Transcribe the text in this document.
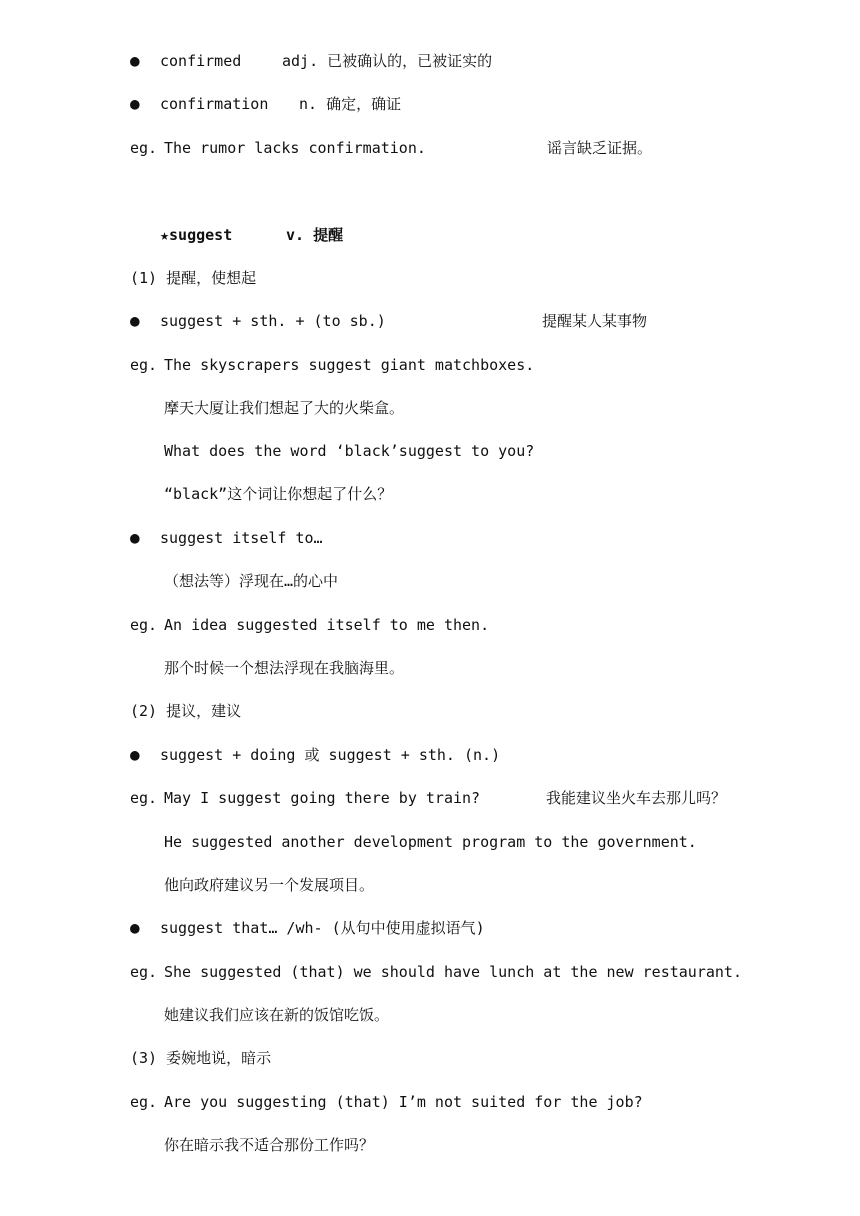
● confirmed	adj. 已被确认的，已被证实的
● confirmation n. 确定，确证
eg. The rumor lacks confirmation.	谣言缺乏证据。
★suggest	v. 提醒
(1) 提醒，使想起
● suggest + sth. + (to sb.)	提醒某人某事物
eg. The skyscrapers suggest giant matchboxes.
摩天大厦让我们想起了大的火柴盒。
What does the word ‘black’suggest to you?
“black”这个词让你想起了什么？
● suggest itself to…
（想法等）浮现在…的心中
eg. An idea suggested itself to me then.
那个时候一个想法浮现在我脑海里。
(2) 提议，建议
● suggest + doing 或 suggest + sth. (n.)
eg. May I suggest going there by train?	我能建议坐火车去那儿吗？
He suggested another development program to the government.
他向政府建议另一个发展项目。
● suggest that… /wh- (从句中使用虚拟语气)
eg. She suggested (that) we should have lunch at the new restaurant.
她建议我们应该在新的饭馆吃饭。
(3) 委婉地说，暗示
eg. Are you suggesting (that) I’m not suited for the job?
你在暗示我不适合那份工作吗？
